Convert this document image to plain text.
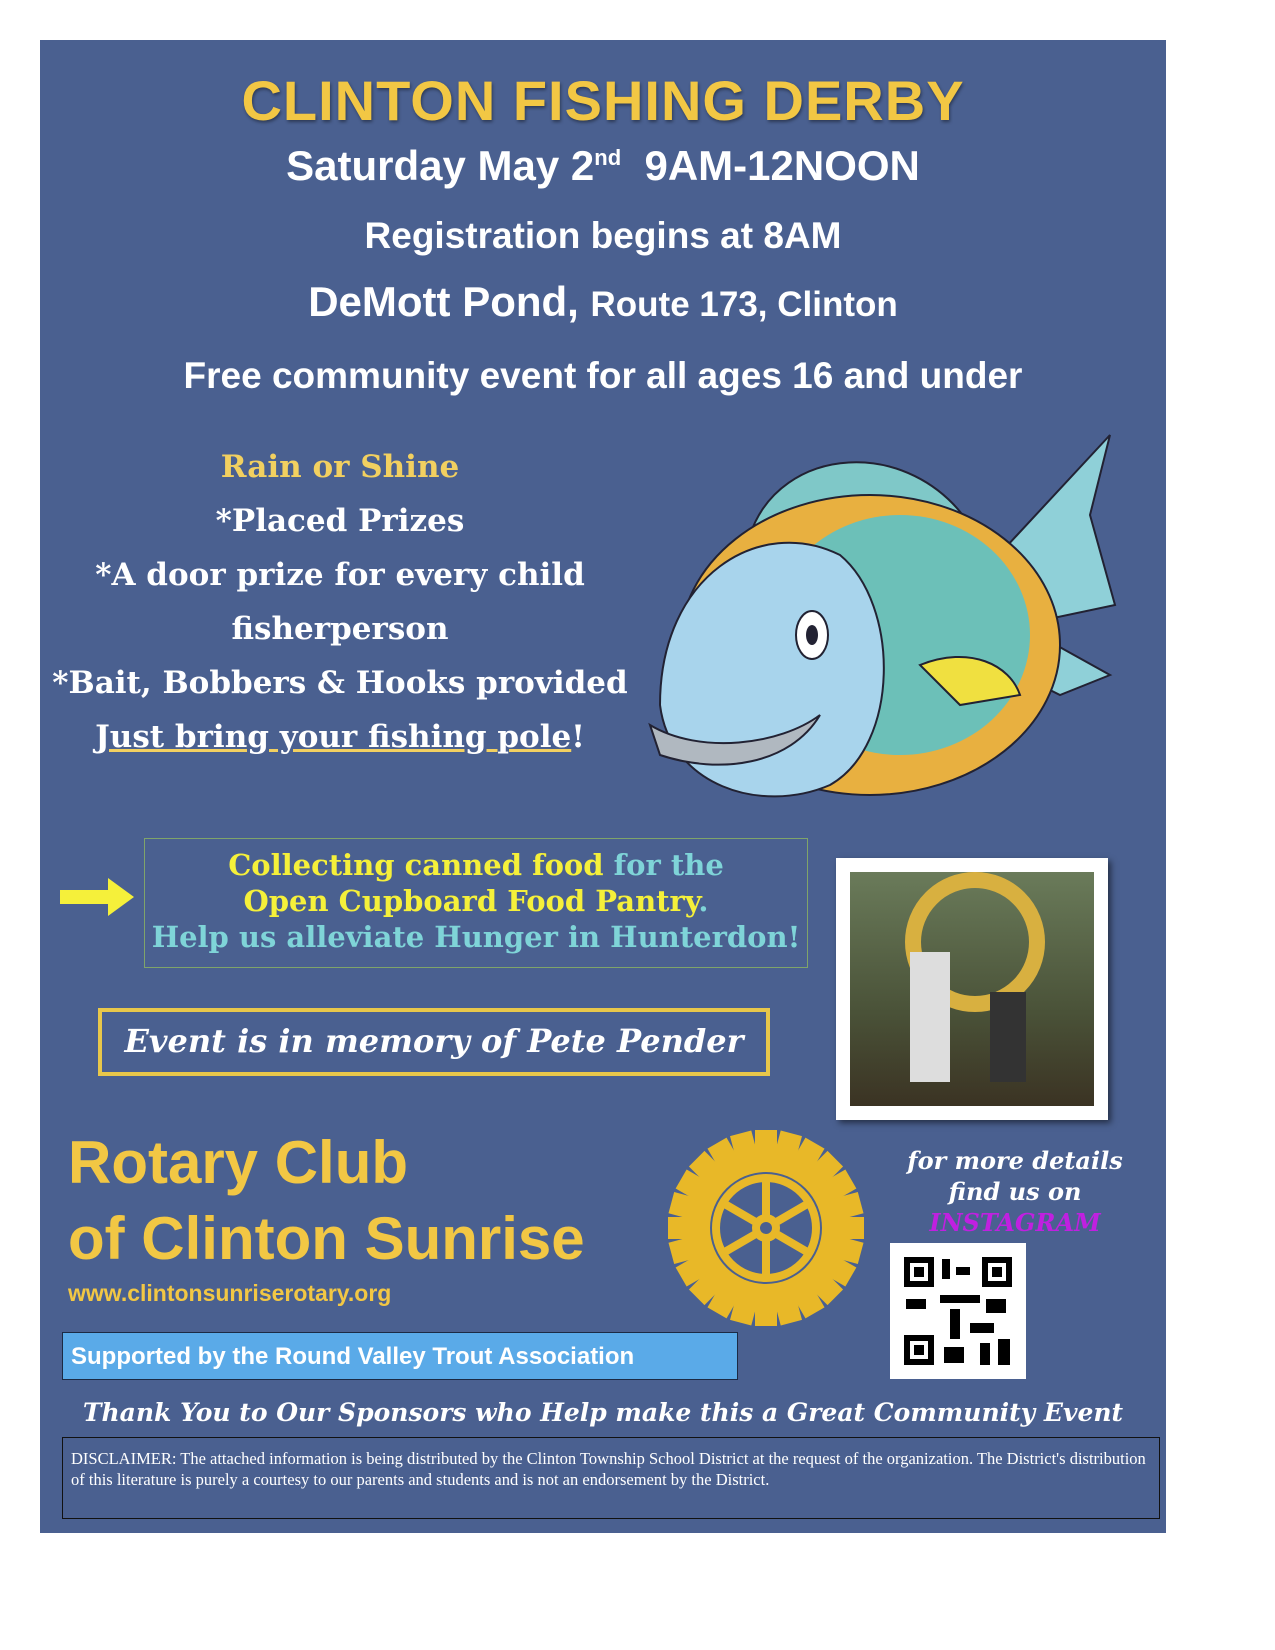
CLINTON FISHING DERBY
Saturday May 2nd 9AM-12NOON
Registration begins at 8AM
DeMott Pond, Route 173, Clinton
Free community event for all ages 16 and under
Rain or Shine
*Placed Prizes
*A door prize for every child
fisherperson
*Bait, Bobbers & Hooks provided
Just bring your fishing pole!
Collecting canned food for the
Open Cupboard Food Pantry.
Help us alleviate Hunger in Hunterdon!
Event is in memory of Pete Pender
Rotary Club
of Clinton Sunrise
www.clintonsunriserotary.org
for more details
find us on
INSTAGRAM
Supported by the Round Valley Trout Association
Thank You to Our Sponsors who Help make this a Great Community Event
DISCLAIMER: The attached information is being distributed by the Clinton Township School District at the request of the organization. The District's distribution of this literature is purely a courtesy to our parents and students and is not an endorsement by the District.
